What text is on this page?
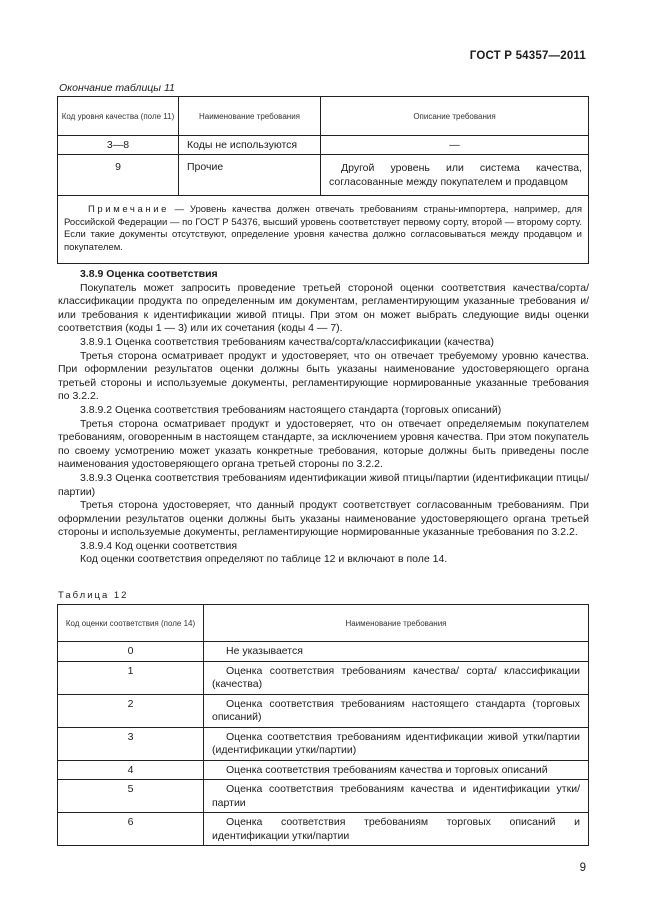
ГОСТ Р 54357—2011
Окончание таблицы 11
Код уровня качества (поле 11)	Наименование требования	Описание требования
3—8	Коды не используются	—
9	Прочие	Другой уровень или система качества, согласованные между покупателем и продавцом
Примечание — Уровень качества должен отвечать требованиям страны-импортера, например, для Российской Федерации — по ГОСТ Р 54376, высший уровень соответствует первому сорту, второй — второму сорту. Если такие документы отсутствуют, определение уровня качества должно согласовываться между продавцом и покупателем.		

3.8.9 Оценка соответствия

Покупатель может запросить проведение третьей стороной оценки соответствия качества/сорта/классификации продукта по определенным им документам, регламентирующим указанные требования и/или требования к идентификации живой птицы. При этом он может выбрать следующие виды оценки соответствия (коды 1 — 3) или их сочетания (коды 4 — 7).

3.8.9.1 Оценка соответствия требованиям качества/сорта/классификации (качества)

Третья сторона осматривает продукт и удостоверяет, что он отвечает требуемому уровню качества. При оформлении результатов оценки должны быть указаны наименование удостоверяющего органа третьей стороны и используемые документы, регламентирующие нормированные указанные требования по 3.2.2.

3.8.9.2 Оценка соответствия требованиям настоящего стандарта (торговых описаний)

Третья сторона осматривает продукт и удостоверяет, что он отвечает определяемым покупателем требованиям, оговоренным в настоящем стандарте, за исключением уровня качества. При этом покупатель по своему усмотрению может указать конкретные требования, которые должны быть приведены после наименования удостоверяющего органа третьей стороны по 3.2.2.

3.8.9.3 Оценка соответствия требованиям идентификации живой птицы/партии (идентификации птицы/партии)

Третья сторона удостоверяет, что данный продукт соответствует согласованным требованиям. При оформлении результатов оценки должны быть указаны наименование удостоверяющего органа третьей стороны и используемые документы, регламентирующие нормированные указанные требования по 3.2.2.

3.8.9.4 Код оценки соответствия

Код оценки соответствия определяют по таблице 12 и включают в поле 14.

Таблица 12
Код оценки соответствия (поле 14)	Наименование требования
0	Не указывается
1	Оценка соответствия требованиям качества/ сорта/ классификации (качества)
2	Оценка соответствия требованиям настоящего стандарта (торговых описаний)
3	Оценка соответствия требованиям идентификации живой утки/партии (идентификации утки/партии)
4	Оценка соответствия требованиям качества и торговых описаний
5	Оценка соответствия требованиям качества и идентификации утки/партии
6	Оценка соответствия требованиям торговых описаний и идентификации утки/партии
9
